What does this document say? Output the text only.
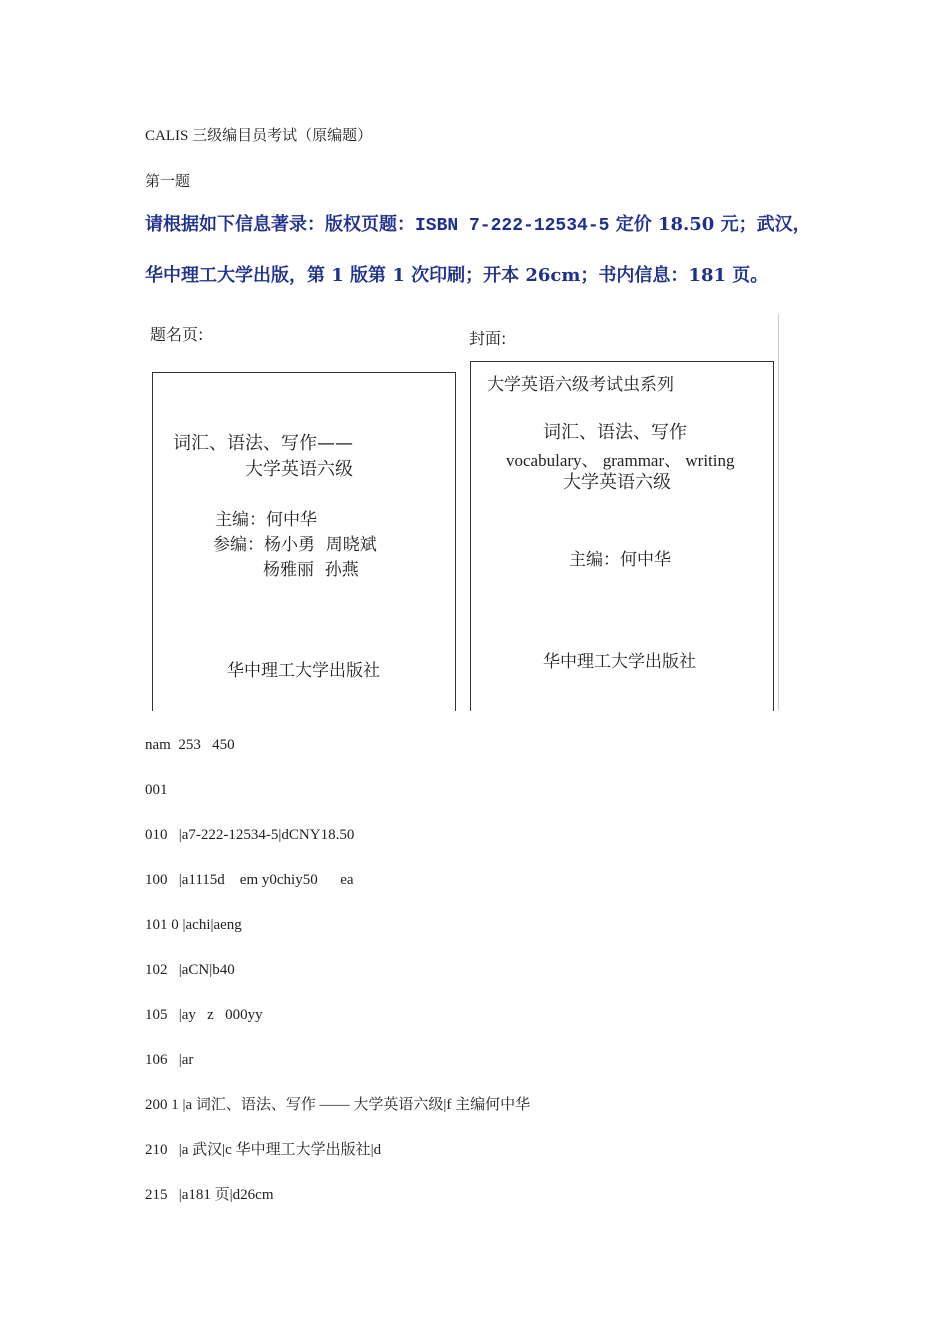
CALIS 三级编目员考试（原编题）
第一题
请根据如下信息著录：版权页题：ISBN 7-222-12534-5 定价 18.50 元；武汉，
华中理工大学出版，第 1 版第 1 次印刷；开本 26cm；书内信息：181 页。
题名页:	封面:
词汇、语法、写作——
大学英语六级
主编：何中华
参编：杨小勇  周晓斌
杨雅丽  孙燕
华中理工大学出版社
大学英语六级考试虫系列
词汇、语法、写作
vocabulary、 grammar、 writing
大学英语六级
主编：何中华
华中理工大学出版社
nam  253   450
001
010   |a7-222-12534-5|dCNY18.50
100   |a1115d    em y0chiy50      ea
101 0 |achi|aeng
102   |aCN|b40
105   |ay   z   000yy
106   |ar
200 1 |a 词汇、语法、写作 —— 大学英语六级|f 主编何中华
210   |a 武汉|c 华中理工大学出版社|d
215   |a181 页|d26cm
